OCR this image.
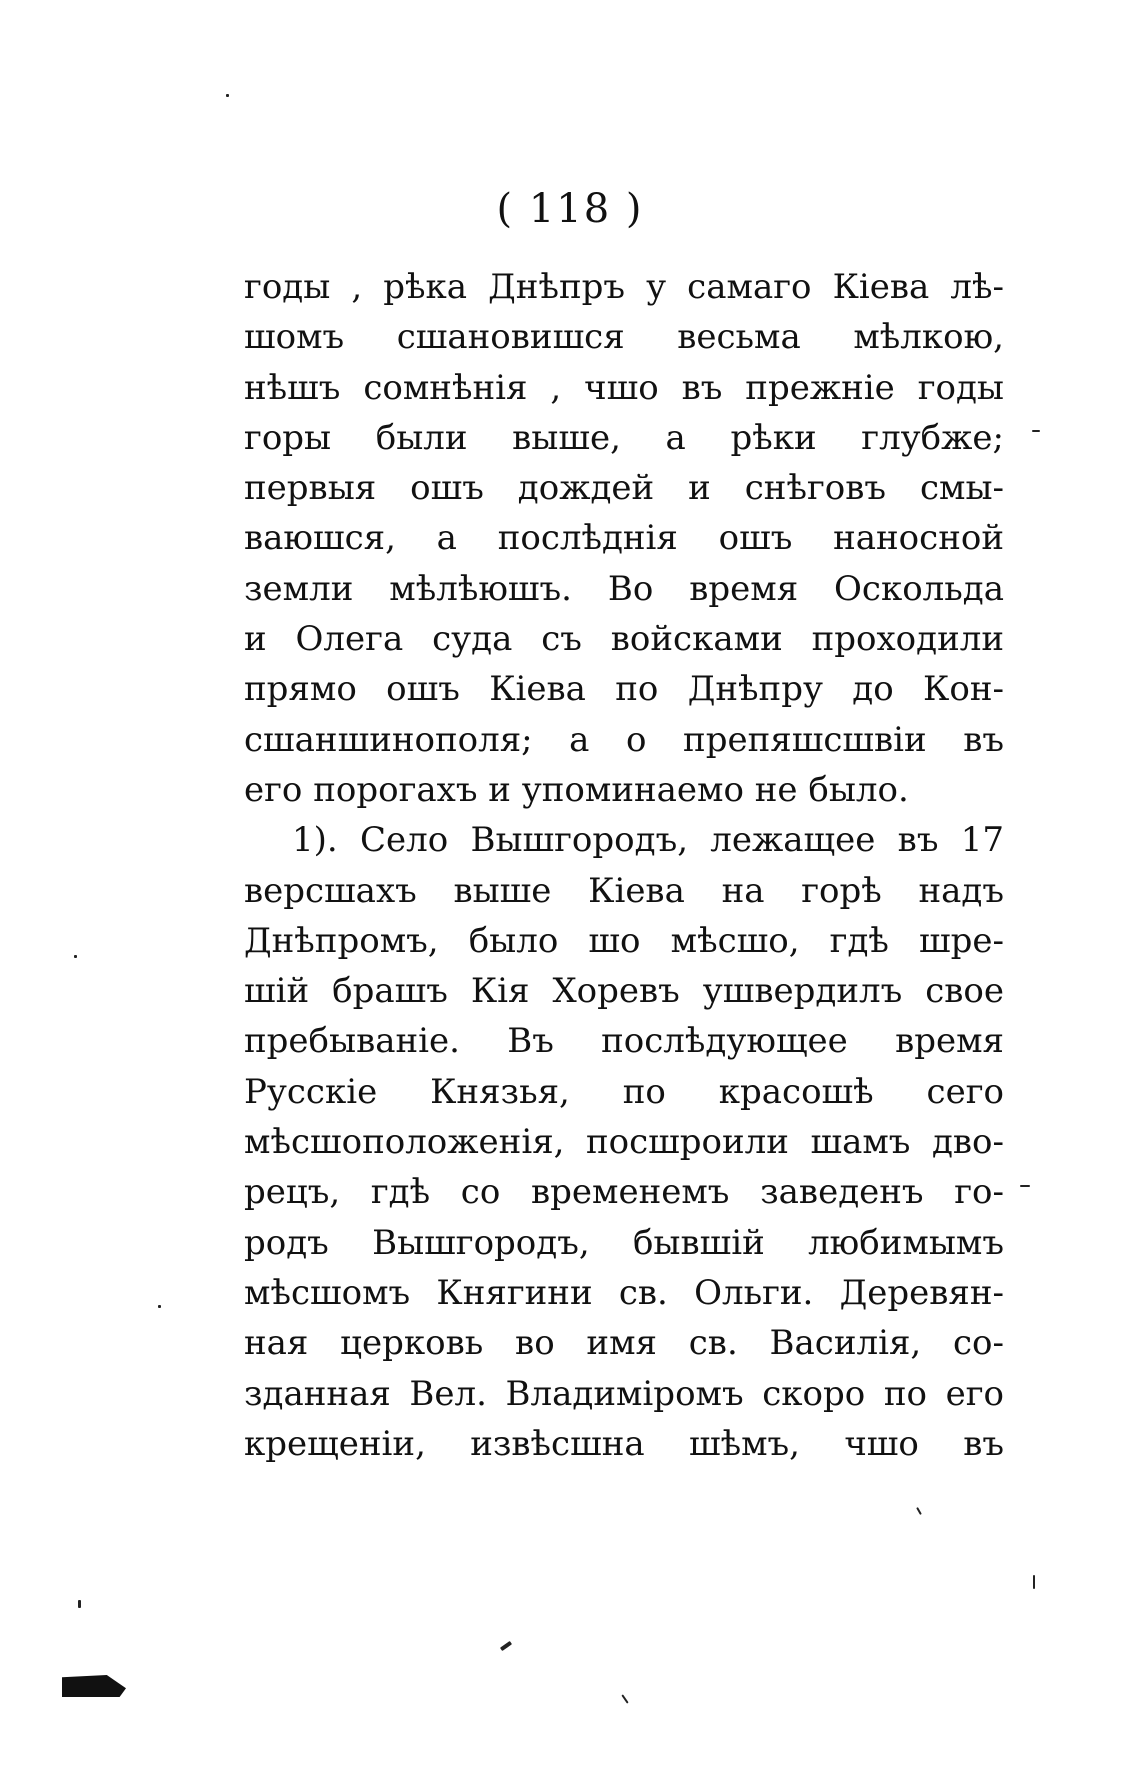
( 118 )
годы , рѣка Днѣпръ у самаго Кіева лѣ-
шомъ сшановишся весьма мѣлкою,
нѣшъ сомнѣнія , чшо въ прежніе годы
горы были выше, а рѣки глубже;
первыя ошъ дождей и снѣговъ смы-
ваюшся, а послѣднія ошъ наносной
земли мѣлѣюшъ. Во время Оскольда
и Олега суда съ войсками проходили
прямо ошъ Кіева по Днѣпру до Кон-
сшаншинополя; а о препяшсшвіи въ
его порогахъ и упоминаемо не было.
1). Село Вышгородъ, лежащее въ 17
версшахъ выше Кіева на горѣ надъ
Днѣпромъ, было шо мѣсшо, гдѣ шре-
шій брашъ Кія Хоревъ ушвердилъ свое
пребываніе. Въ послѣдующее время
Русскіе Князья, по красошѣ сего
мѣсшоположенія, посшроили шамъ дво-
рецъ, гдѣ со временемъ заведенъ го-
родъ Вышгородъ, бывшій любимымъ
мѣсшомъ Княгини св. Ольги. Деревян-
ная церковь во имя св. Василія, со-
зданная Вел. Владиміромъ скоро по его
крещеніи, извѣсшна шѣмъ, чшо въ
